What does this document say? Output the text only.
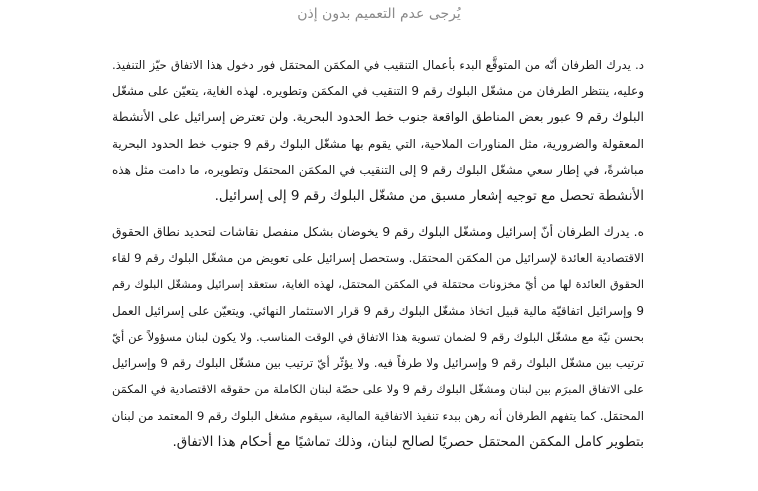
يُرجى عدم التعميم بدون إذن
د. يدرك الطرفان أنّه من المتوقَّع البدء بأعمال التنقيب في المكمَن المحتمَل فور دخول هذا الاتفاق حيّز التنفيذ.
وعليه، ينتظر الطرفان من مشغّل البلوك رقم 9 التنقيب في المكمَن وتطويره. لهذه الغاية، يتعيّن على مشغّل
البلوك رقم 9 عبور بعض المناطق الواقعة جنوب خط الحدود البحرية. ولن تعترض إسرائيل على الأنشطة
المعقولة والضرورية، مثل المناورات الملاحية، التي يقوم بها مشغّل البلوك رقم 9 جنوب خط الحدود البحرية
مباشرةً، في إطار سعي مشغّل البلوك رقم 9 إلى التنقيب في المكمَن المحتمَل وتطويره، ما دامت مثل هذه
الأنشطة تحصل مع توجيه إشعار مسبق من مشغّل البلوك رقم 9 إلى إسرائيل.
ه. يدرك الطرفان أنّ إسرائيل ومشغّل البلوك رقم 9 يخوضان بشكل منفصل نقاشات لتحديد نطاق الحقوق
الاقتصادية العائدة لإسرائيل من المكمَن المحتمَل. وستحصل إسرائيل على تعويض من مشغّل البلوك رقم 9 لقاء
الحقوق العائدة لها من أيّ مخزونات محتمَلة في المكمَن المحتمَل، لهذه الغاية، ستعقد إسرائيل ومشغّل البلوك رقم
9 وإسرائيل اتفاقيّة مالية قبيل اتخاذ مشغّل البلوك رقم 9 قرار الاستثمار النهائي. ويتعيّن على إسرائيل العمل
بحسن نيّة مع مشغّل البلوك رقم 9 لضمان تسوية هذا الاتفاق في الوقت المناسب. ولا يكون لبنان مسؤولاً عن أيّ
ترتيب بين مشغّل البلوك رقم 9 وإسرائيل ولا طرفاً فيه. ولا يؤثّر أيّ ترتيب بين مشغّل البلوك رقم 9 وإسرائيل
على الاتفاق المبرَم بين لبنان ومشغّل البلوك رقم 9 ولا على حصّة لبنان الكاملة من حقوقه الاقتصادية في المكمَن
المحتمَل. كما يتفهم الطرفان أنه رهن ببدء تنفيذ الاتفاقية المالية، سيقوم مشغل البلوك رقم 9 المعتمد من لبنان
بتطوير كامل المكمَن المحتمَل حصريًا لصالح لبنان، وذلك تماشيًا مع أحكام هذا الاتفاق.
